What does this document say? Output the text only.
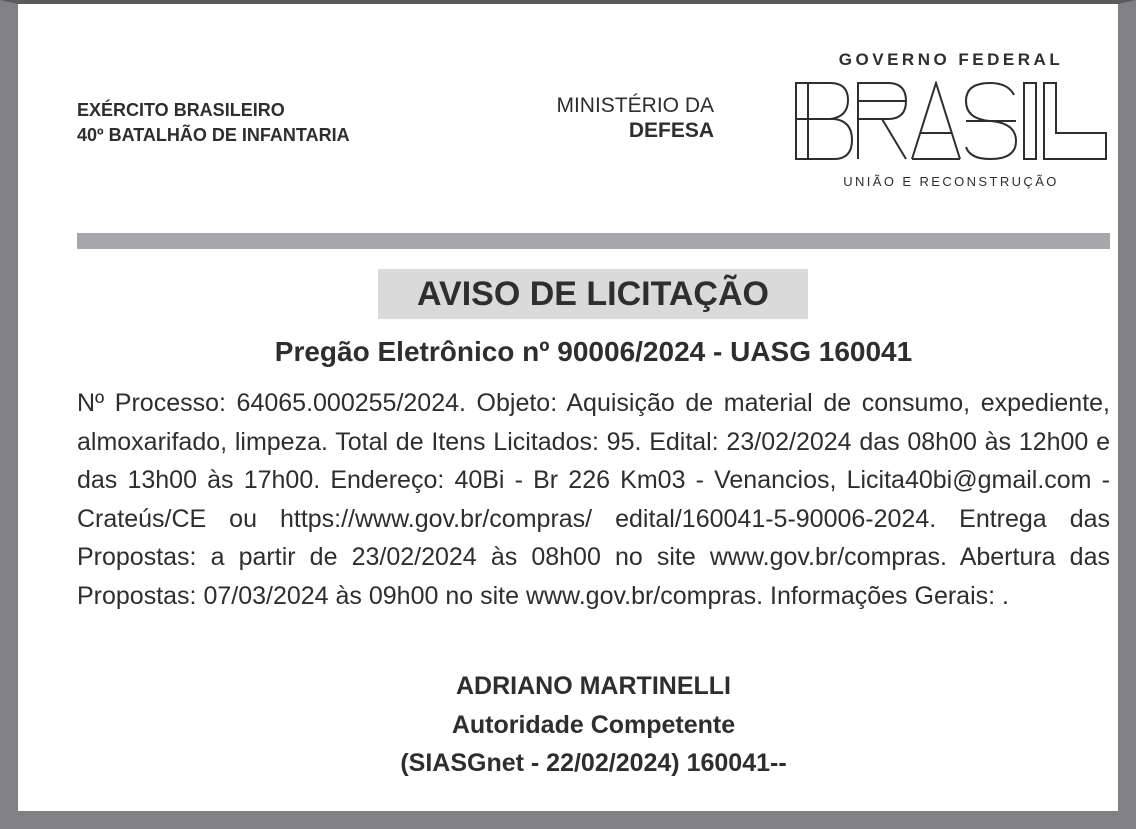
EXÉRCITO BRASILEIRO
40º BATALHÃO DE INFANTARIA
MINISTÉRIO DA
DEFESA
GOVERNO FEDERAL
UNIÃO E RECONSTRUÇÃO
AVISO DE LICITAÇÃO
Pregão Eletrônico nº 90006/2024 - UASG 160041
Nº Processo: 64065.000255/2024. Objeto: Aquisição de material de consumo, expediente, almoxarifado, limpeza. Total de Itens Licitados: 95. Edital: 23/02/2024 das 08h00 às 12h00 e das 13h00 às 17h00. Endereço: 40Bi - Br 226 Km03 - Venancios, Licita40bi@gmail.com - Crateús/CE ou https://www.gov.br/compras/ edital/160041-5-90006-2024. Entrega das Propostas: a partir de 23/02/2024 às 08h00 no site www.gov.br/compras. Abertura das Propostas: 07/03/2024 às 09h00 no site www.gov.br/compras. Informações Gerais: .
ADRIANO MARTINELLI
Autoridade Competente
(SIASGnet - 22/02/2024) 160041--
